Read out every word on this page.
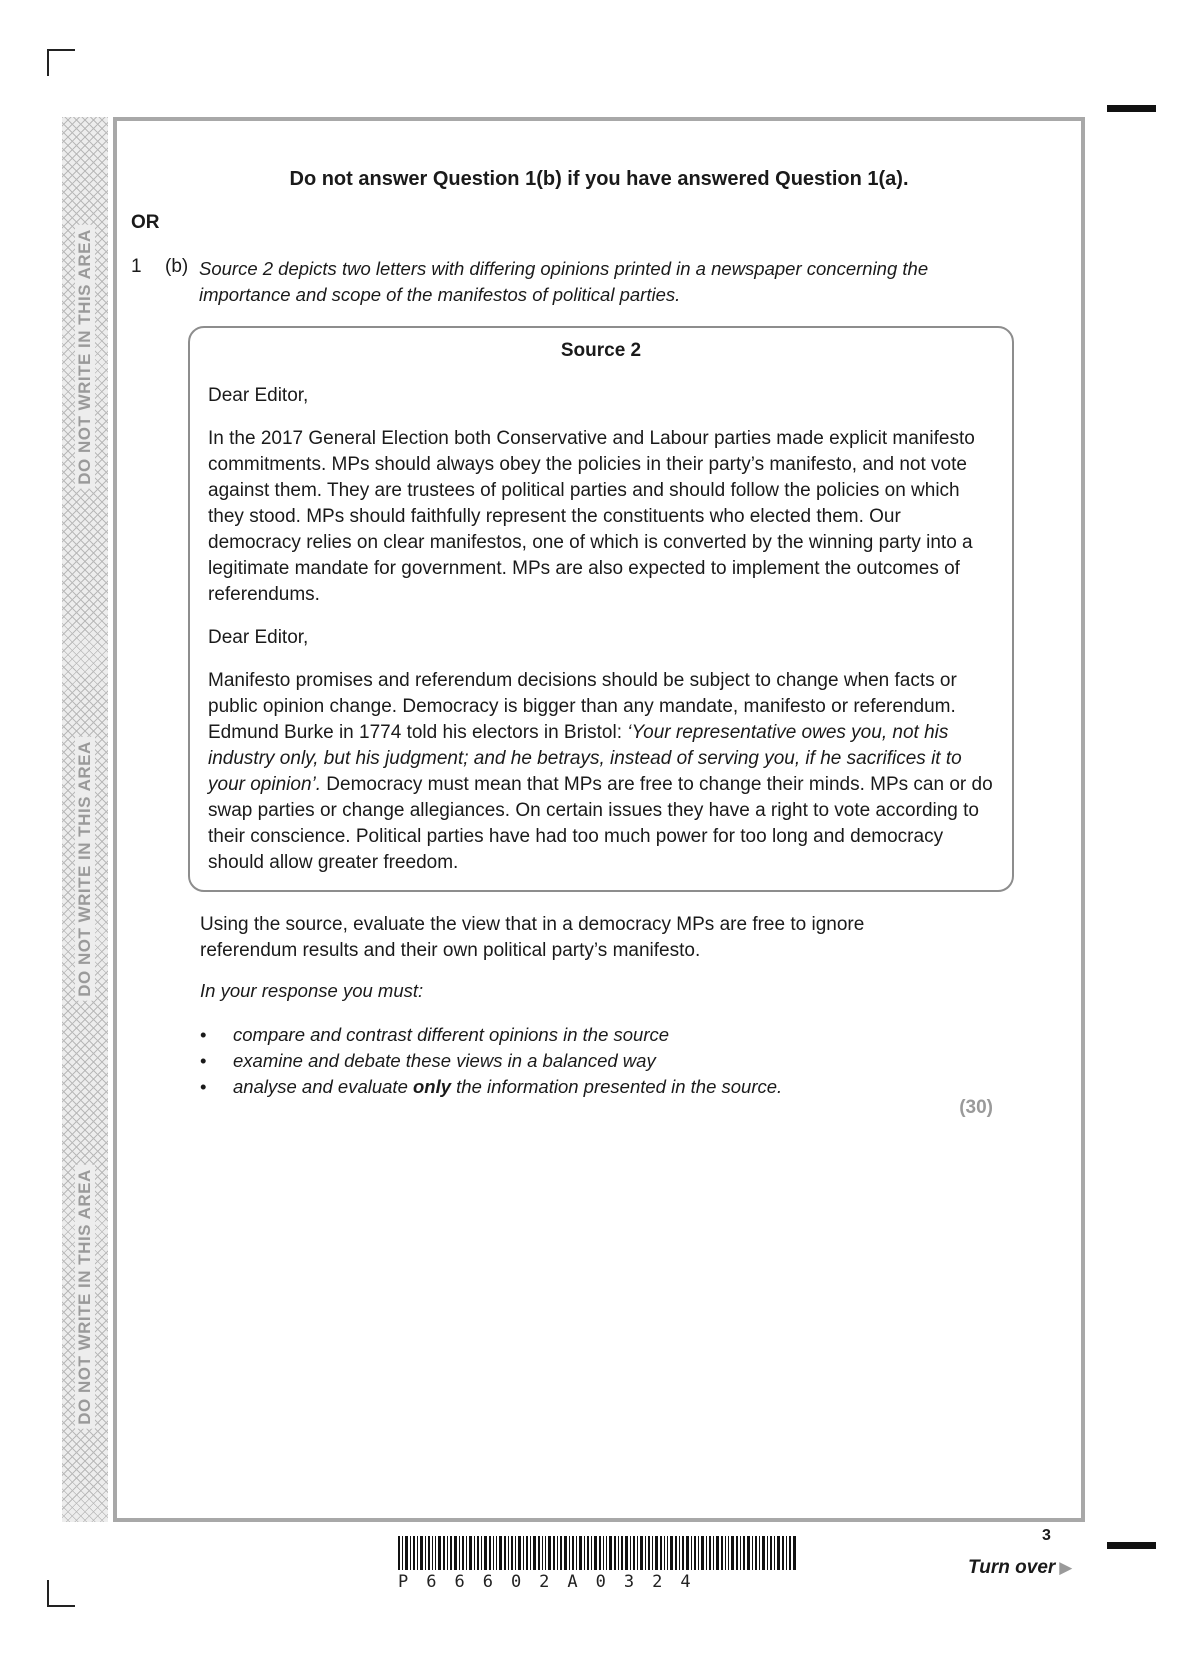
DO NOT WRITE IN THIS AREA
DO NOT WRITE IN THIS AREA
DO NOT WRITE IN THIS AREA
Do not answer Question 1(b) if you have answered Question 1(a).
OR
1 (b) Source 2 depicts two letters with differing opinions printed in a newspaper concerning the importance and scope of the manifestos of political parties.
Source 2

Dear Editor,

In the 2017 General Election both Conservative and Labour parties made explicit manifesto commitments. MPs should always obey the policies in their party’s manifesto, and not vote against them. They are trustees of political parties and should follow the policies on which they stood. MPs should faithfully represent the constituents who elected them. Our democracy relies on clear manifestos, one of which is converted by the winning party into a legitimate mandate for government. MPs are also expected to implement the outcomes of referendums.

Dear Editor,

Manifesto promises and referendum decisions should be subject to change when facts or public opinion change. Democracy is bigger than any mandate, manifesto or referendum. Edmund Burke in 1774 told his electors in Bristol: ‘Your representative owes you, not his industry only, but his judgment; and he betrays, instead of serving you, if he sacrifices it to your opinion’. Democracy must mean that MPs are free to change their minds. MPs can or do swap parties or change allegiances. On certain issues they have a right to vote according to their conscience. Political parties have had too much power for too long and democracy should allow greater freedom.

Using the source, evaluate the view that in a democracy MPs are free to ignore referendum results and their own political party’s manifesto.
In your response you must:
• compare and contrast different opinions in the source
• examine and debate these views in a balanced way
• analyse and evaluate only the information presented in the source.
(30)
3
P66602A0324
Turn over ▶
